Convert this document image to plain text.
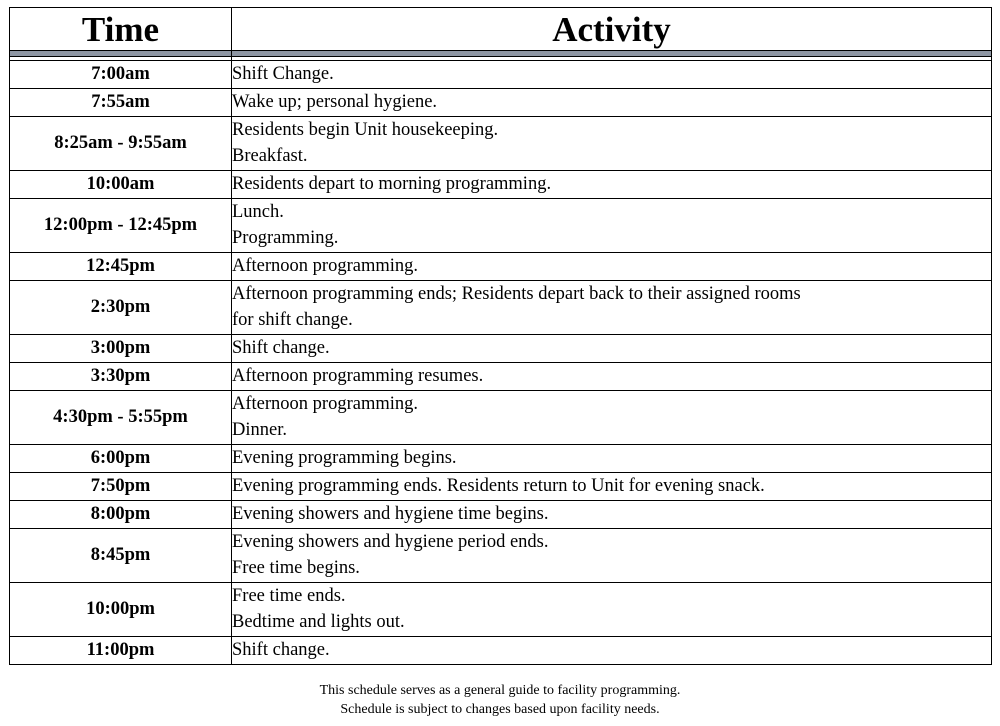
Time	Activity

7:00am	Shift Change.

7:55am	Wake up; personal hygiene.

8:25am - 9:55am	Residents begin Unit housekeeping.
Breakfast.

10:00am	Residents depart to morning programming.

12:00pm - 12:45pm	Lunch.
Programming.

12:45pm	Afternoon programming.

2:30pm	Afternoon programming ends; Residents depart back to their assigned rooms
for shift change.

3:00pm	Shift change.

3:30pm	Afternoon programming resumes.

4:30pm - 5:55pm	Afternoon programming.
Dinner.

6:00pm	Evening programming begins.

7:50pm	Evening programming ends. Residents return to Unit for evening snack.

8:00pm	Evening showers and hygiene time begins.

8:45pm	Evening showers and hygiene period ends.
Free time begins.

10:00pm	Free time ends.
Bedtime and lights out.

11:00pm	Shift change.
This schedule serves as a general guide to facility programming.
Schedule is subject to changes based upon facility needs.
